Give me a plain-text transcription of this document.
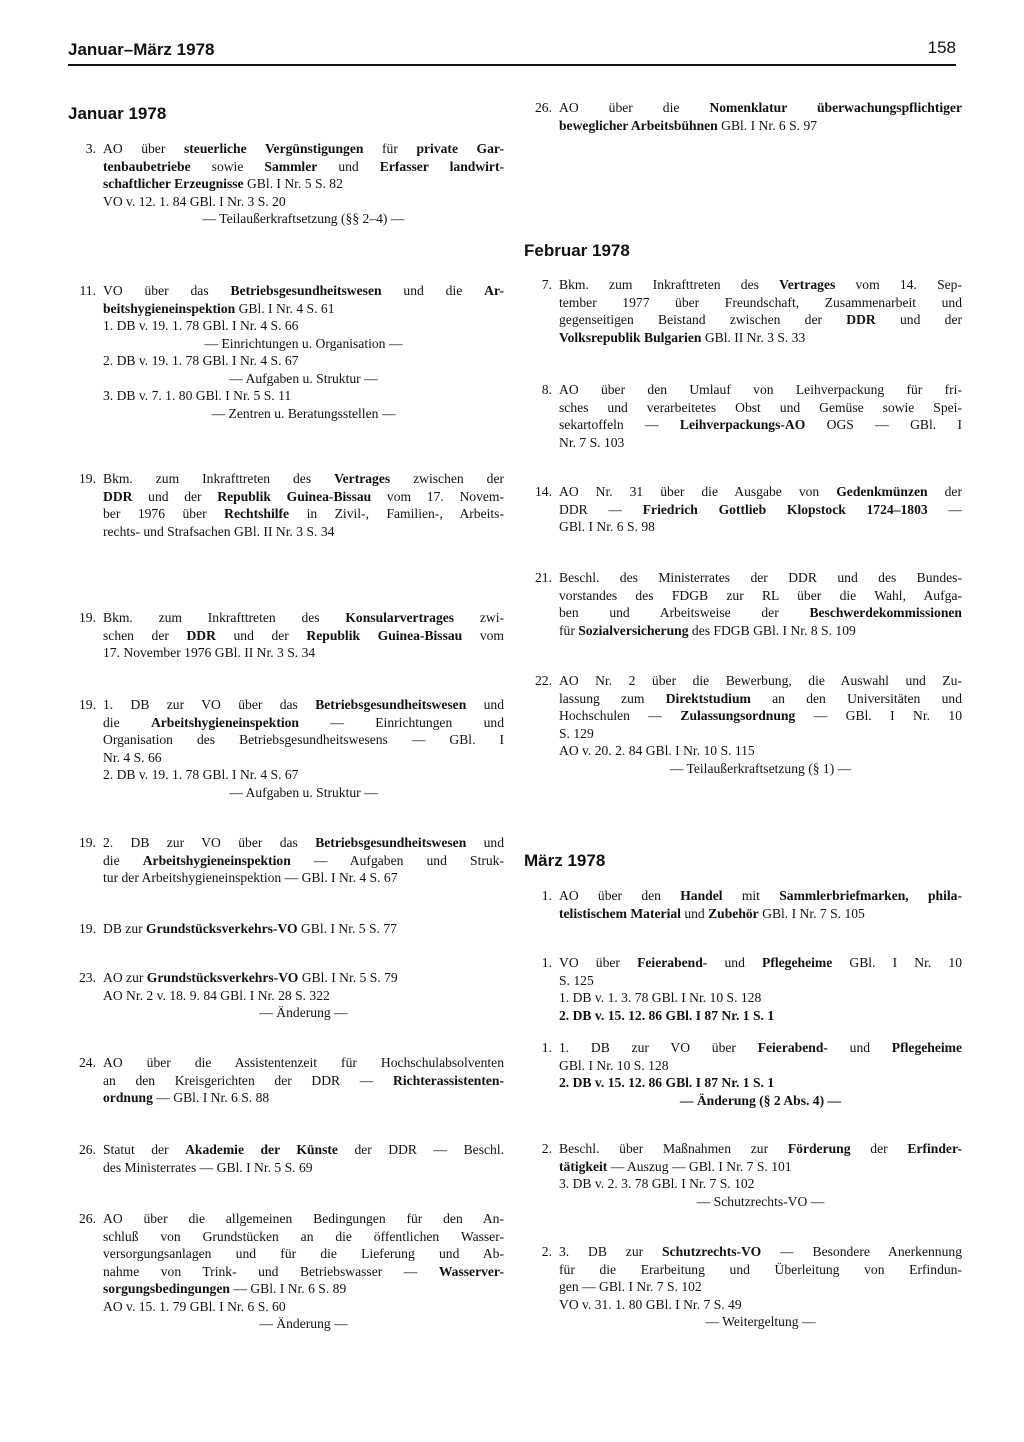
Januar–März 1978	158
Januar 1978
3. AO über steuerliche Vergünstigungen für private Gar-
tenbaubetriebe sowie Sammler und Erfasser landwirt-
schaftlicher Erzeugnisse GBl. I Nr. 5 S. 82
VO v. 12. 1. 84 GBl. I Nr. 3 S. 20
— Teilaußerkraftsetzung (§§ 2–4) —
11. VO über das Betriebsgesundheitswesen und die Ar-
beitshygieneinspektion GBl. I Nr. 4 S. 61
1. DB v. 19. 1. 78 GBl. I Nr. 4 S. 66
— Einrichtungen u. Organisation —
2. DB v. 19. 1. 78 GBl. I Nr. 4 S. 67
— Aufgaben u. Struktur —
3. DB v. 7. 1. 80 GBl. I Nr. 5 S. 11
— Zentren u. Beratungsstellen —
19. Bkm. zum Inkrafttreten des Vertrages zwischen der
DDR und der Republik Guinea-Bissau vom 17. Novem-
ber 1976 über Rechtshilfe in Zivil-, Familien-, Arbeits-
rechts- und Strafsachen GBl. II Nr. 3 S. 34
19. Bkm. zum Inkrafttreten des Konsularvertrages zwi-
schen der DDR und der Republik Guinea-Bissau vom
17. November 1976 GBl. II Nr. 3 S. 34
19. 1. DB zur VO über das Betriebsgesundheitswesen und
die Arbeitshygieneinspektion — Einrichtungen und
Organisation des Betriebsgesundheitswesens — GBl. I
Nr. 4 S. 66
2. DB v. 19. 1. 78 GBl. I Nr. 4 S. 67
— Aufgaben u. Struktur —
19. 2. DB zur VO über das Betriebsgesundheitswesen und
die Arbeitshygieneinspektion — Aufgaben und Struk-
tur der Arbeitshygieneinspektion — GBl. I Nr. 4 S. 67
19. DB zur Grundstücksverkehrs-VO GBl. I Nr. 5 S. 77
23. AO zur Grundstücksverkehrs-VO GBl. I Nr. 5 S. 79
AO Nr. 2 v. 18. 9. 84 GBl. I Nr. 28 S. 322
— Änderung —
24. AO über die Assistentenzeit für Hochschulabsolventen
an den Kreisgerichten der DDR — Richterassistenten-
ordnung — GBl. I Nr. 6 S. 88
26. Statut der Akademie der Künste der DDR — Beschl.
des Ministerrates — GBl. I Nr. 5 S. 69
26. AO über die allgemeinen Bedingungen für den An-
schluß von Grundstücken an die öffentlichen Wasser-
versorgungsanlagen und für die Lieferung und Ab-
nahme von Trink- und Betriebswasser — Wasserver-
sorgungsbedingungen — GBl. I Nr. 6 S. 89
AO v. 15. 1. 79 GBl. I Nr. 6 S. 60
— Änderung —
26. AO über die Nomenklatur überwachungspflichtiger
beweglicher Arbeitsbühnen GBl. I Nr. 6 S. 97
7. Bkm. zum Inkrafttreten des Vertrages vom 14. Sep-
tember 1977 über Freundschaft, Zusammenarbeit und
gegenseitigen Beistand zwischen der DDR und der
Volksrepublik Bulgarien GBl. II Nr. 3 S. 33
8. AO über den Umlauf von Leihverpackung für fri-
sches und verarbeitetes Obst und Gemüse sowie Spei-
sekartoffeln — Leihverpackungs-AO OGS — GBl. I
Nr. 7 S. 103
14. AO Nr. 31 über die Ausgabe von Gedenkmünzen der
DDR — Friedrich Gottlieb Klopstock 1724–1803 —
GBl. I Nr. 6 S. 98
21. Beschl. des Ministerrates der DDR und des Bundes-
vorstandes des FDGB zur RL über die Wahl, Aufga-
ben und Arbeitsweise der Beschwerdekommissionen
für Sozialversicherung des FDGB GBl. I Nr. 8 S. 109
22. AO Nr. 2 über die Bewerbung, die Auswahl und Zu-
lassung zum Direktstudium an den Universitäten und
Hochschulen — Zulassungsordnung — GBl. I Nr. 10
S. 129
AO v. 20. 2. 84 GBl. I Nr. 10 S. 115
— Teilaußerkraftsetzung (§ 1) —
1. AO über den Handel mit Sammlerbriefmarken, phila-
telistischem Material und Zubehör GBl. I Nr. 7 S. 105
1. VO über Feierabend- und Pflegeheime GBl. I Nr. 10
S. 125
1. DB v. 1. 3. 78 GBl. I Nr. 10 S. 128
2. DB v. 15. 12. 86 GBl. I 87 Nr. 1 S. 1
1. 1. DB zur VO über Feierabend- und Pflegeheime
GBl. I Nr. 10 S. 128
2. DB v. 15. 12. 86 GBl. I 87 Nr. 1 S. 1
— Änderung (§ 2 Abs. 4) —
2. Beschl. über Maßnahmen zur Förderung der Erfinder-
tätigkeit — Auszug — GBl. I Nr. 7 S. 101
3. DB v. 2. 3. 78 GBl. I Nr. 7 S. 102
— Schutzrechts-VO —
2. 3. DB zur Schutzrechts-VO — Besondere Anerkennung
für die Erarbeitung und Überleitung von Erfindun-
gen — GBl. I Nr. 7 S. 102
VO v. 31. 1. 80 GBl. I Nr. 7 S. 49
— Weitergeltung —
Februar 1978
März 1978
